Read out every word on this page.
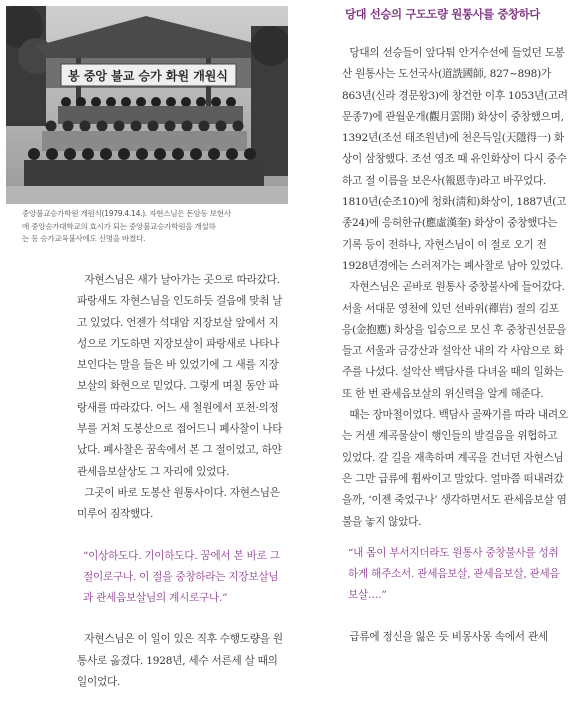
봉 중앙 불교 승가 화원 개원식

중앙불교승가학원 개원식(1979.4.14.). 자현스님은 돈암동 보현사

에 중앙승가대학교의 효시가 되는 중앙불교승가학원을 개설하

는 등 승가교육불사에도 신명을 바쳤다.

자현스님은 새가 날아가는 곳으로 따라갔다. 파랑새도 자현스님을 인도하듯 걸음에 맞춰 날고 있었다. 언젠가 석대암 지장보살 앞에서 지성으로 기도하면 지장보살이 파랑새로 나타나 보인다는 말을 들은 바 있었기에 그 새를 지장보살의 화현으로 믿었다. 그렇게 며칠 동안 파랑새를 따라갔다. 어느 새 철원에서 포천·의정부를 거쳐 도봉산으로 접어드니 폐사찰이 나타났다. 폐사찰은 꿈속에서 본 그 절이었고, 하얀 관세음보살상도 그 자리에 있었다.

그곳이 바로 도봉산 원통사이다. 자현스님은 미루어 짐작했다.

“이상하도다. 기이하도다. 꿈에서 본 바로 그 절이로구나. 이 절을 중창하라는 지장보살님과 관세음보살님의 계시로구나.”

자현스님은 이 일이 있은 직후 수행도량을 원통사로 옮겼다. 1928년, 세수 서른세 살 때의 일이었다.

당대 선승의 구도도량 원통사를 중창하다

당대의 선승들이 앞다퉈 안거수선에 들었던 도봉산 원통사는 도선국사(道詵國師, 827~898)가 863년(신라 경문왕3)에 창건한 이후 1053년(고려 문종7)에 관월운개(觀月雲開) 화상이 중창했으며, 1392년(조선 태조원년)에 천은득일(天隱得一) 화상이 삼창했다. 조선 영조 때 유인화상이 다시 중수하고 절 이름을 보은사(報恩寺)라고 바꾸었다. 1810년(순조10)에 청화(淸和)화상이, 1887년(고종24)에 응허한규(應虛漢奎) 화상이 중창했다는 기록 등이 전하나, 자현스님이 이 절로 오기 전 1928년경에는 스러져가는 폐사찰로 남아 있었다.

자현스님은 곧바로 원통사 중창불사에 들어갔다. 서울 서대문 영천에 있던 선바위(禪岩) 절의 김포응(金抱應) 화상을 입승으로 모신 후 중창권선문을 들고 서울과 금강산과 설악산 내의 각 사암으로 화주를 나섰다. 설악산 백담사를 다녀올 때의 일화는 또 한 번 관세음보살의 위신력을 알게 해준다.

때는 장마철이었다. 백담사 골짜기를 따라 내려오는 거센 계곡물살이 행인들의 발걸음을 위협하고 있었다. 갈 길을 재촉하며 계곡을 건너던 자현스님은 그만 급류에 휩싸이고 말았다. 얼마쯤 떠내려갔을까, ‘이젠 죽었구나’ 생각하면서도 관세음보살 염불을 놓지 않았다.

“내 몸이 부서지더라도 원통사 중창불사를 성취하게 해주소서. 관세음보살, 관세음보살, 관세음보살….”

급류에 정신을 잃은 듯 비몽사몽 속에서 관세
